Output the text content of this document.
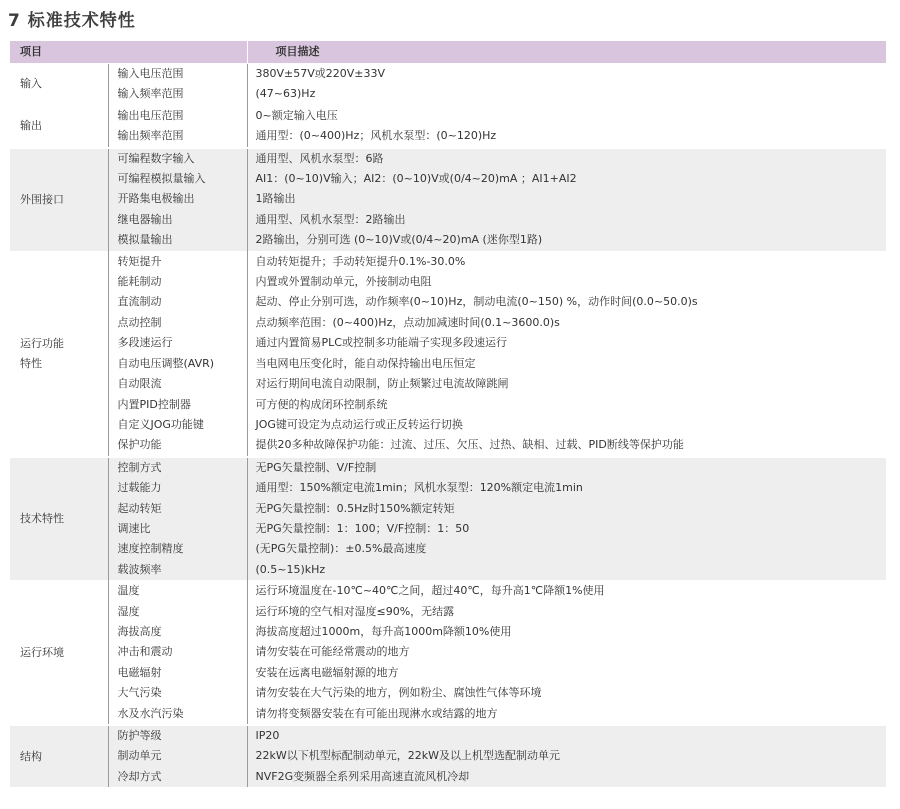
7 标准技术特性
项目		项目描述

输入	输入电压范围	380V±57V或220V±33V
	输入频率范围	(47~63)Hz

输出	输出电压范围	0~额定输入电压
	输出频率范围	通用型：(0~400)Hz；风机水泵型：(0~120)Hz

外围接口	可编程数字输入	通用型、风机水泵型：6路
	可编程模拟量输入	AI1：(0~10)V输入；AI2：(0~10)V或(0/4~20)mA ；AI1+AI2
	开路集电极输出	1路输出
	继电器输出	通用型、风机水泵型：2路输出
	模拟量输出	2路输出，分别可选 (0~10)V或(0/4~20)mA (迷你型1路)

运行功能
特性	转矩提升	自动转矩提升；手动转矩提升0.1%-30.0%
	能耗制动	内置或外置制动单元，外接制动电阻
	直流制动	起动、停止分别可选，动作频率(0~10)Hz，制动电流(0~150) %，动作时间(0.0~50.0)s
	点动控制	点动频率范围：(0~400)Hz，点动加减速时间(0.1~3600.0)s
	多段速运行	通过内置简易PLC或控制多功能端子实现多段速运行
	自动电压调整(AVR)	当电网电压变化时，能自动保持输出电压恒定
	自动限流	对运行期间电流自动限制，防止频繁过电流故障跳闸
	内置PID控制器	可方便的构成闭环控制系统
	自定义JOG功能键	JOG键可设定为点动运行或正反转运行切换
	保护功能	提供20多种故障保护功能：过流、过压、欠压、过热、缺相、过载、PID断线等保护功能

技术特性	控制方式	无PG矢量控制、V/F控制
	过载能力	通用型：150%额定电流1min；风机水泵型：120%额定电流1min
	起动转矩	无PG矢量控制：0.5Hz时150%额定转矩
	调速比	无PG矢量控制：1：100；V/F控制：1：50
	速度控制精度	(无PG矢量控制)：±0.5%最高速度
	载波频率	(0.5~15)kHz

运行环境	温度	运行环境温度在-10℃~40℃之间，超过40℃，每升高1℃降额1%使用
	湿度	运行环境的空气相对湿度≤90%，无结露
	海拔高度	海拔高度超过1000m，每升高1000m降额10%使用
	冲击和震动	请勿安装在可能经常震动的地方
	电磁辐射	安装在远离电磁辐射源的地方
	大气污染	请勿安装在大气污染的地方，例如粉尘、腐蚀性气体等环境
	水及水汽污染	请勿将变频器安装在有可能出现淋水或结露的地方

结构	防护等级	IP20
	制动单元	22kW以下机型标配制动单元，22kW及以上机型选配制动单元
	冷却方式	NVF2G变频器全系列采用高速直流风机冷却
